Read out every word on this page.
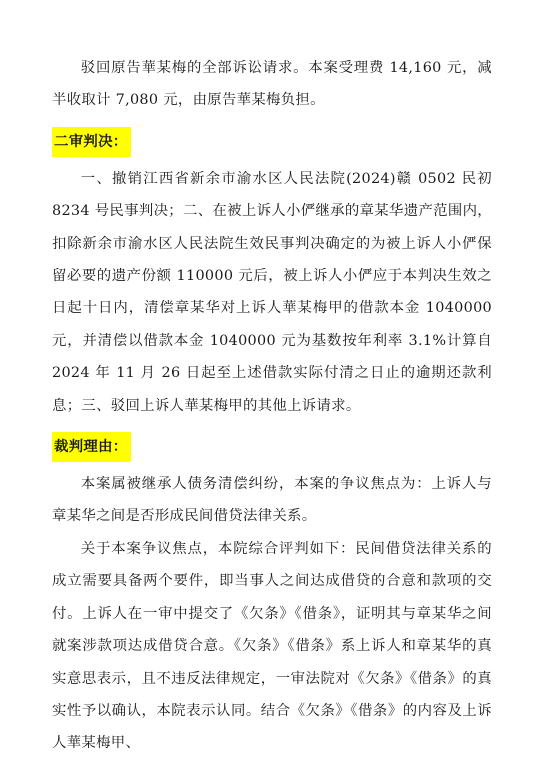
驳回原告華某梅的全部诉讼请求。本案受理费 14,160 元，减半收取计 7,080 元，由原告華某梅负担。

二审判决：

一、撤销江西省新余市渝水区人民法院(2024)赣 0502 民初 8234 号民事判决；二、在被上诉人小俨继承的章某华遗产范围内，扣除新余市渝水区人民法院生效民事判决确定的为被上诉人小俨保留必要的遗产份额 110000 元后，被上诉人小俨应于本判决生效之日起十日内，清偿章某华对上诉人華某梅甲的借款本金 1040000 元，并清偿以借款本金 1040000 元为基数按年利率 3.1%计算自 2024 年 11 月 26 日起至上述借款实际付清之日止的逾期还款利息；三、驳回上诉人華某梅甲的其他上诉请求。

裁判理由：

本案属被继承人债务清偿纠纷，本案的争议焦点为：上诉人与章某华之间是否形成民间借贷法律关系。

关于本案争议焦点，本院综合评判如下：民间借贷法律关系的成立需要具备两个要件，即当事人之间达成借贷的合意和款项的交付。上诉人在一审中提交了《欠条》《借条》，证明其与章某华之间就案涉款项达成借贷合意。《欠条》《借条》系上诉人和章某华的真实意思表示，且不违反法律规定，一审法院对《欠条》《借条》的真实性予以确认，本院表示认同。结合《欠条》《借条》的内容及上诉人華某梅甲、
